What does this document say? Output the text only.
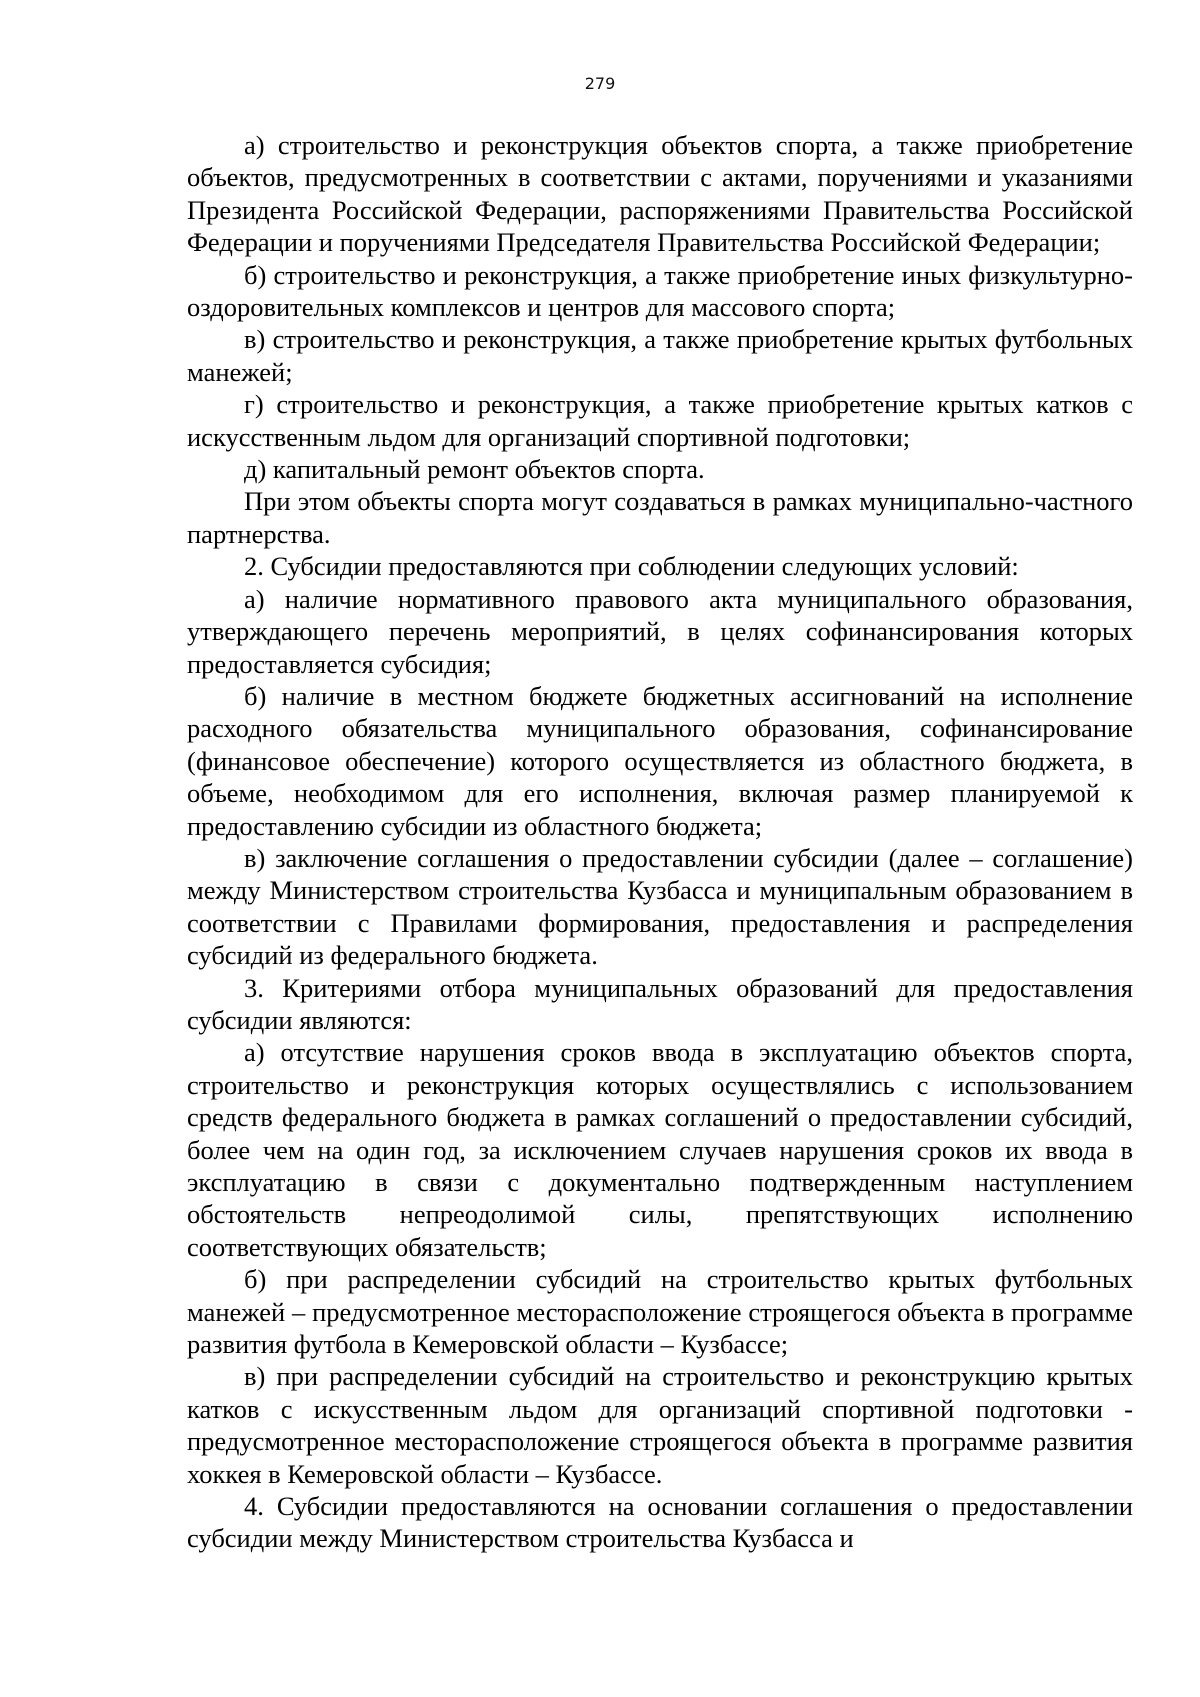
279

а) строительство и реконструкция объектов спорта, а также приобретение объектов, предусмотренных в соответствии с актами, поручениями и указаниями Президента Российской Федерации, распоряжениями Правительства Российской Федерации и поручениями Председателя Правительства Российской Федерации;

б) строительство и реконструкция, а также приобретение иных физкультурно-оздоровительных комплексов и центров для массового спорта;

в) строительство и реконструкция, а также приобретение крытых футбольных манежей;

г) строительство и реконструкция, а также приобретение крытых катков с искусственным льдом для организаций спортивной подготовки;

д) капитальный ремонт объектов спорта.

При этом объекты спорта могут создаваться в рамках муниципально-частного партнерства.

2. Субсидии предоставляются при соблюдении следующих условий:

а) наличие нормативного правового акта муниципального образования, утверждающего перечень мероприятий, в целях софинансирования которых предоставляется субсидия;

б) наличие в местном бюджете бюджетных ассигнований на исполнение расходного обязательства муниципального образования, софинансирование (финансовое обеспечение) которого осуществляется из областного бюджета, в объеме, необходимом для его исполнения, включая размер планируемой к предоставлению субсидии из областного бюджета;

в) заключение соглашения о предоставлении субсидии (далее – соглашение) между Министерством строительства Кузбасса и муниципальным образованием в соответствии с Правилами формирования, предоставления и распределения субсидий из федерального бюджета.

3. Критериями отбора муниципальных образований для предоставления субсидии являются:

а) отсутствие нарушения сроков ввода в эксплуатацию объектов спорта, строительство и реконструкция которых осуществлялись с использованием средств федерального бюджета в рамках соглашений о предоставлении субсидий, более чем на один год, за исключением случаев нарушения сроков их ввода в эксплуатацию в связи с документально подтвержденным наступлением обстоятельств непреодолимой силы, препятствующих исполнению соответствующих обязательств;

б) при распределении субсидий на строительство крытых футбольных манежей – предусмотренное месторасположение строящегося объекта в программе развития футбола в Кемеровской области – Кузбассе;

в) при распределении субсидий на строительство и реконструкцию крытых катков с искусственным льдом для организаций спортивной подготовки - предусмотренное месторасположение строящегося объекта в программе развития хоккея в Кемеровской области – Кузбассе.

4. Субсидии предоставляются на основании соглашения о предоставлении субсидии между Министерством строительства Кузбасса и
